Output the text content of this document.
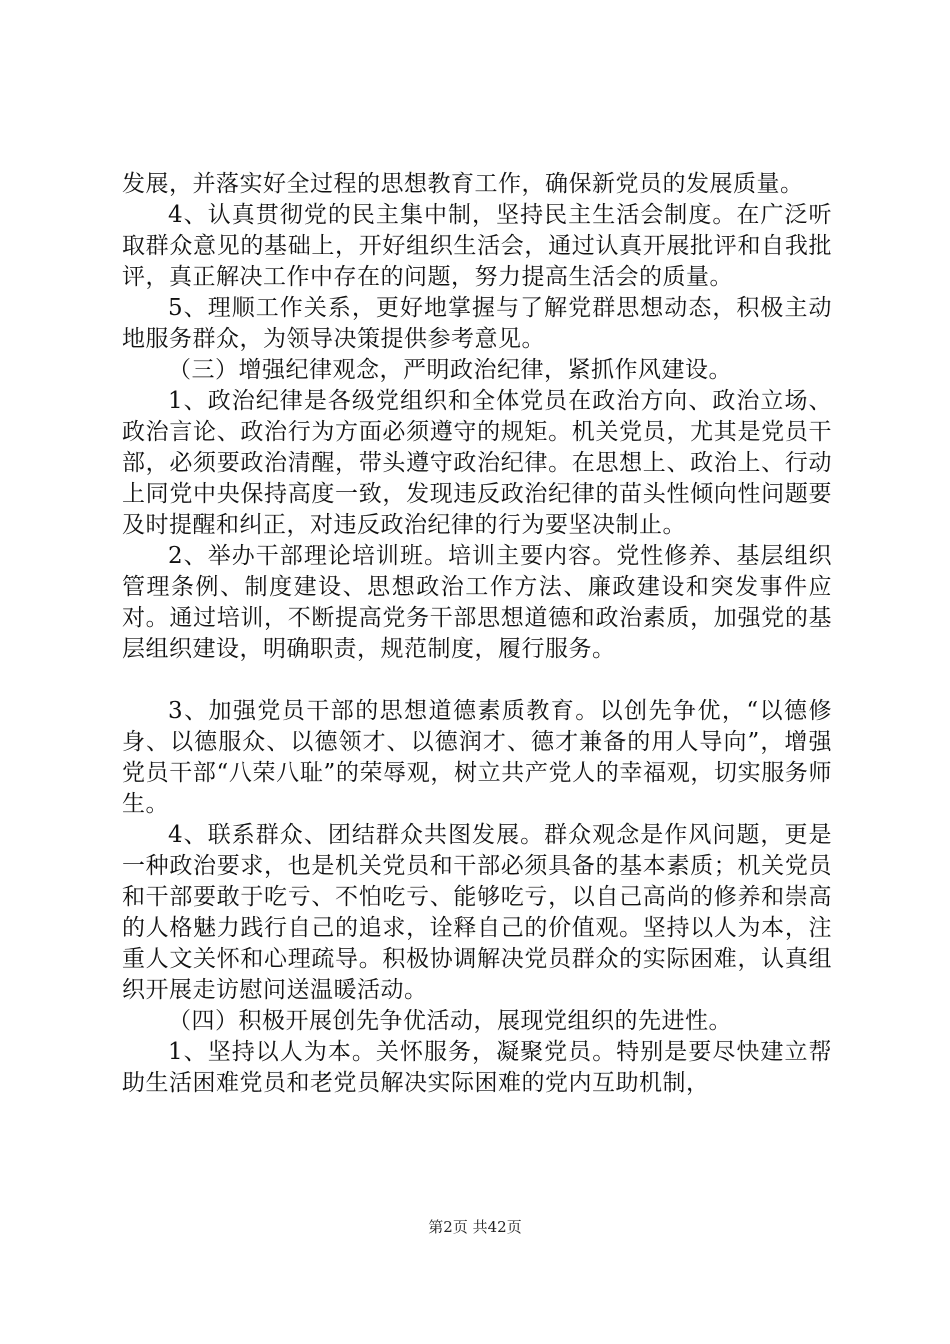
发展，并落实好全过程的思想教育工作，确保新党员的发展质量。

4、认真贯彻党的民主集中制，坚持民主生活会制度。在广泛听取群众意见的基础上，开好组织生活会，通过认真开展批评和自我批评，真正解决工作中存在的问题，努力提高生活会的质量。

5、理顺工作关系，更好地掌握与了解党群思想动态，积极主动地服务群众，为领导决策提供参考意见。

（三）增强纪律观念，严明政治纪律，紧抓作风建设。

1、政治纪律是各级党组织和全体党员在政治方向、政治立场、政治言论、政治行为方面必须遵守的规矩。机关党员，尤其是党员干部，必须要政治清醒，带头遵守政治纪律。在思想上、政治上、行动上同党中央保持高度一致，发现违反政治纪律的苗头性倾向性问题要及时提醒和纠正，对违反政治纪律的行为要坚决制止。

2、举办干部理论培训班。培训主要内容。党性修养、基层组织管理条例、制度建设、思想政治工作方法、廉政建设和突发事件应对。通过培训，不断提高党务干部思想道德和政治素质，加强党的基层组织建设，明确职责，规范制度，履行服务。

3、加强党员干部的思想道德素质教育。以创先争优，“以德修身、以德服众、以德领才、以德润才、德才兼备的用人导向”，增强党员干部“八荣八耻”的荣辱观，树立共产党人的幸福观，切实服务师生。

4、联系群众、团结群众共图发展。群众观念是作风问题，更是一种政治要求，也是机关党员和干部必须具备的基本素质；机关党员和干部要敢于吃亏、不怕吃亏、能够吃亏，以自己高尚的修养和崇高的人格魅力践行自己的追求，诠释自己的价值观。坚持以人为本，注重人文关怀和心理疏导。积极协调解决党员群众的实际困难，认真组织开展走访慰问送温暖活动。

（四）积极开展创先争优活动，展现党组织的先进性。

1、坚持以人为本。关怀服务，凝聚党员。特别是要尽快建立帮助生活困难党员和老党员解决实际困难的党内互助机制，

第2页 共42页
